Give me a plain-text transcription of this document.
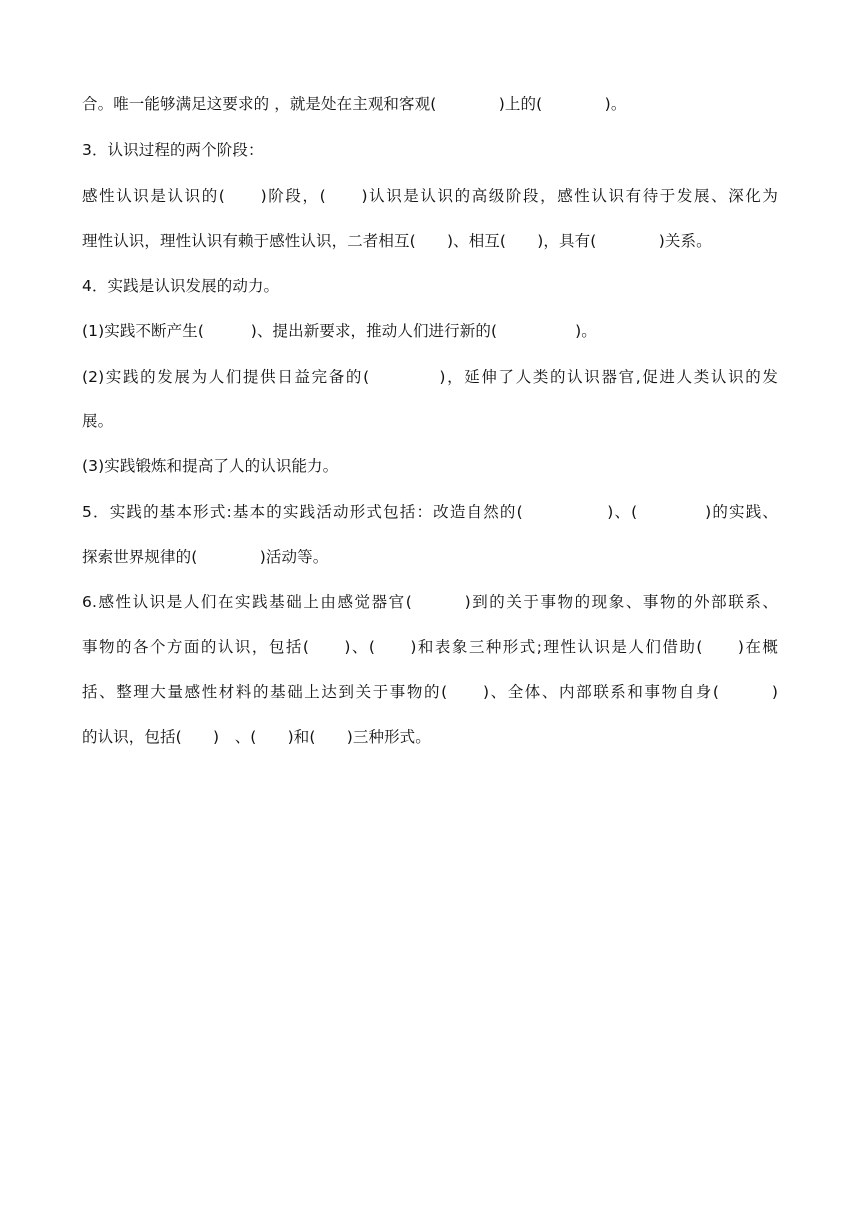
合。唯一能够满足这要求的 ，就是处在主观和客观(　　　　)上的(　　　　)。
3．认识过程的两个阶段：
感性认识是认识的(　　)阶段，(　　)认识是认识的高级阶段，感性认识有待于发展、深化为
理性认识，理性认识有赖于感性认识，二者相互(　　)、相互(　　)，具有(　　　　)关系。
4．实践是认识发展的动力。
(1)实践不断产生(　　　)、提出新要求，推动人们进行新的(　　　　　)。
(2)实践的发展为人们提供日益完备的(　　　　)，延伸了人类的认识器官,促进人类认识的发
展。
(3)实践锻炼和提高了人的认识能力。
5．实践的基本形式:基本的实践活动形式包括：改造自然的(　　　　　)、(　　　　)的实践、
探索世界规律的(　　　　)活动等。
6.感性认识是人们在实践基础上由感觉器官(　　　)到的关于事物的现象、事物的外部联系、
事物的各个方面的认识，包括(　　)、(　　)和表象三种形式;理性认识是人们借助(　　)在概
括、整理大量感性材料的基础上达到关于事物的(　　)、全体、内部联系和事物自身(　　　)
的认识，包括(　　)　、(　　)和(　　)三种形式。
